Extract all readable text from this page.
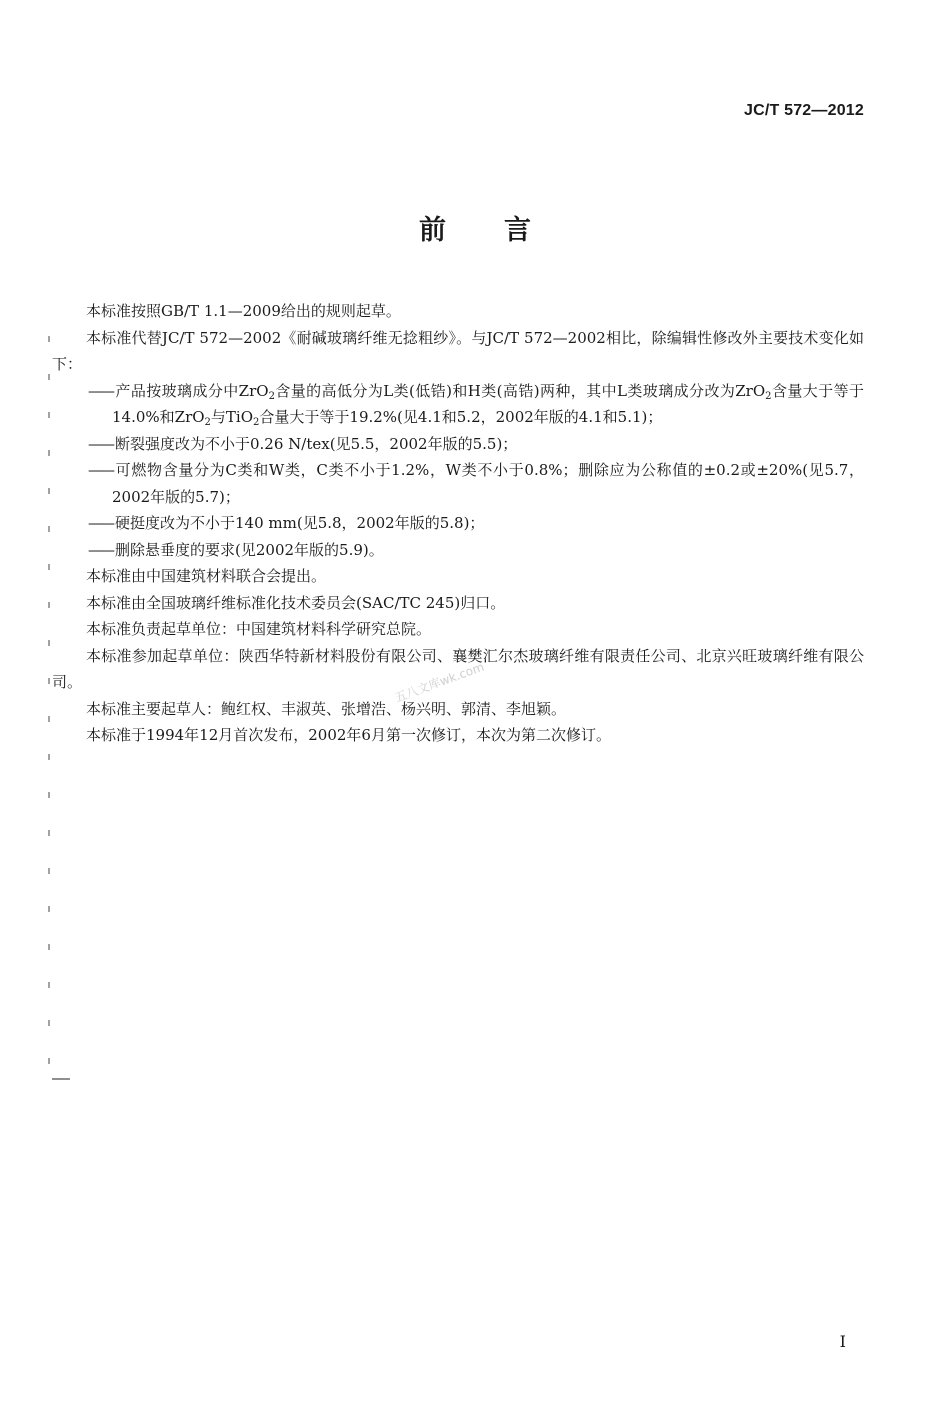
JC/T 572—2012
前 言

本标准按照GB/T 1.1—2009给出的规则起草。

本标准代替JC/T 572—2002《耐碱玻璃纤维无捻粗纱》。与JC/T 572—2002相比，除编辑性修改外主要技术变化如下：

—— 产品按玻璃成分中ZrO$_2$含量的高低分为L类(低锆)和H类(高锆)两种，其中L类玻璃成分改为ZrO$_2$含量大于等于14.0%和ZrO$_2$与TiO$_2$合量大于等于19.2%(见4.1和5.2，2002年版的4.1和5.1)；

—— 断裂强度改为不小于0.26 N/tex(见5.5，2002年版的5.5)；

—— 可燃物含量分为C类和W类，C类不小于1.2%，W类不小于0.8%；删除应为公称值的±0.2或±20%(见5.7，2002年版的5.7)；

—— 硬挺度改为不小于140 mm(见5.8，2002年版的5.8)；

—— 删除悬垂度的要求(见2002年版的5.9)。

本标准由中国建筑材料联合会提出。

本标准由全国玻璃纤维标准化技术委员会(SAC/TC 245)归口。

本标准负责起草单位：中国建筑材料科学研究总院。

本标准参加起草单位：陕西华特新材料股份有限公司、襄樊汇尔杰玻璃纤维有限责任公司、北京兴旺玻璃纤维有限公司。

本标准主要起草人：鲍红权、丰淑英、张增浩、杨兴明、郭清、李旭颖。

本标准于1994年12月首次发布，2002年6月第一次修订，本次为第二次修订。

五八文库wk.com
I
